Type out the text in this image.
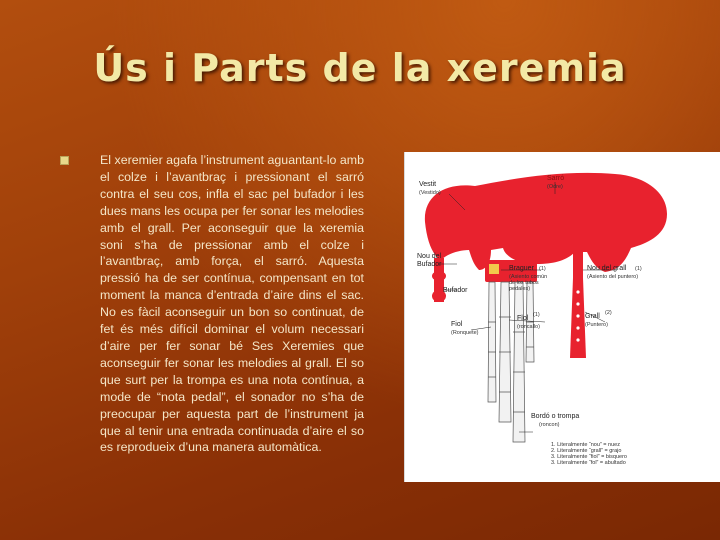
Ús i Parts de la xeremia

El xeremier agafa l’instrument aguantant-lo amb el colze i l’avantbraç i pressionant el sarró contra el seu cos, infla el sac pel bufador i les dues mans les ocupa per fer sonar les melodies amb el grall. Per aconseguir que la xeremia soni s’ha de pressionar amb el colze i l’avantbraç, amb força, el sarró. Aquesta pressió ha de ser contínua, compensant en tot moment la manca d’entrada d’aire dins el sac. No es fàcil aconseguir un bon so continuat, de fet és més difícil dominar el volum necessari d’aire per fer sonar bé Ses Xeremies que aconseguir fer sonar les melodies al grall. El so que surt per la trompa es una nota contínua, a mode de “nota pedal”, el sonador no s’ha de preocupar per aquesta part de l’instrument ja que al tenir una entrada continuada d’aire el so es reprodueix d’una manera automàtica.

Vestit
(Vestido)
Sarró
(Odre)
Nou del
Bufador
Bufador
Braguer (1)
(Asiento común
de los tubos
pedales)
Nou del grall (1)
(Asiento del puntero)
Fiol
(Ronquete)
Flol (1)
(roncallo)
Grall (2)
(Puntero)
Bordó o trompa
(roncon)
1. Literalmente “nou” = nuez
2. Literalmente “grall” = grajo
3. Literalmente “fiol” = bisquero
3. Literalmente “fol” = abultado
